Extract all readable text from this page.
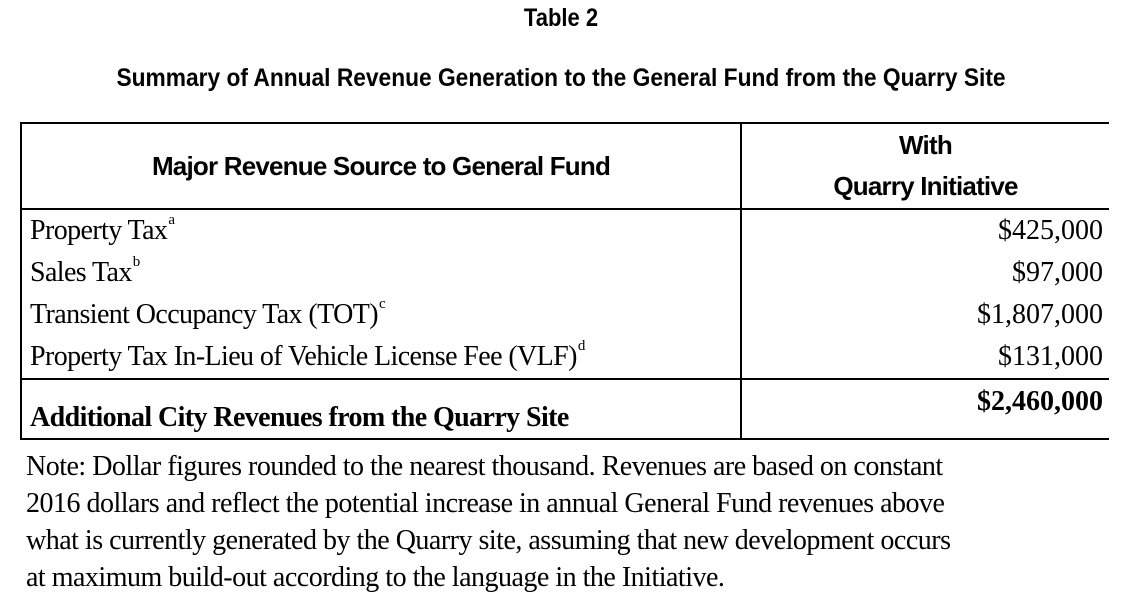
Table 2
Summary of Annual Revenue Generation to the General Fund from the Quarry Site
Major Revenue Source to General Fund	With
Quarry Initiative

Property Tax$^a$	$425,000
Sales Tax$^b$	$97,000
Transient Occupancy Tax (TOT)$^c$	$1,807,000
Property Tax In-Lieu of Vehicle License Fee (VLF)$^d$	$131,000
Additional City Revenues from the Quarry Site	$2,460,000
Note: Dollar figures rounded to the nearest thousand. Revenues are based on constant
2016 dollars and reflect the potential increase in annual General Fund revenues above
what is currently generated by the Quarry site, assuming that new development occurs
at maximum build-out according to the language in the Initiative.
